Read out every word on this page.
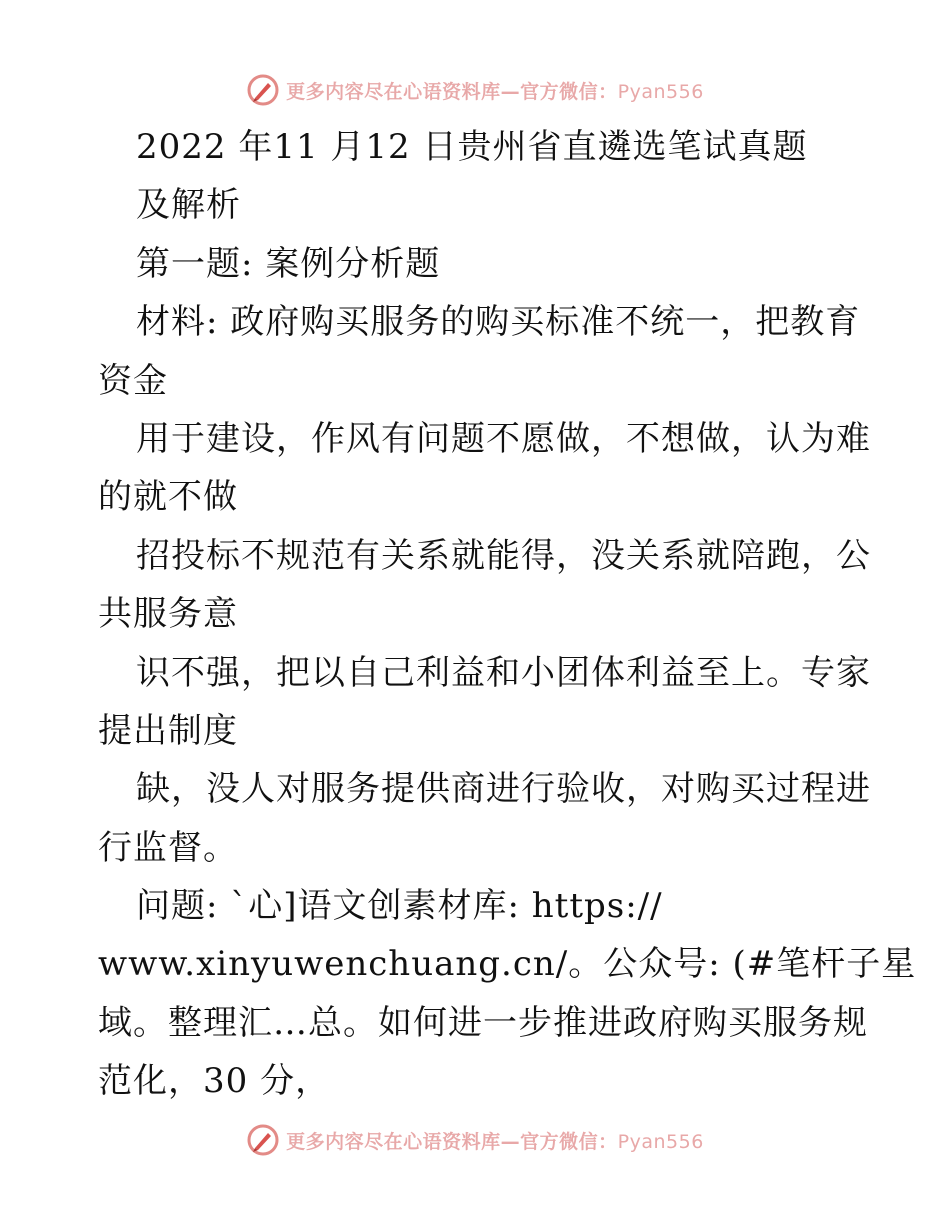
更多内容尽在心语资料库—官方微信：Pyan556
2022 年11 月12 日贵州省直遴选笔试真题
及解析
第一题: 案例分析题
材料: 政府购买服务的购买标准不统一，把教育
资金
用于建设，作风有问题不愿做，不想做，认为难
的就不做
招投标不规范有关系就能得，没关系就陪跑，公
共服务意
识不强，把以自己利益和小团体利益至上。专家
提出制度
缺，没人对服务提供商进行验收，对购买过程进
行监督。
问题: `心]语文创素材库: https://
www.xinyuwenchuang.cn/。公众号: (#笔杆子星
域。整理汇…总。如何进一步推进政府购买服务规
范化，30 分，
更多内容尽在心语资料库—官方微信：Pyan556
